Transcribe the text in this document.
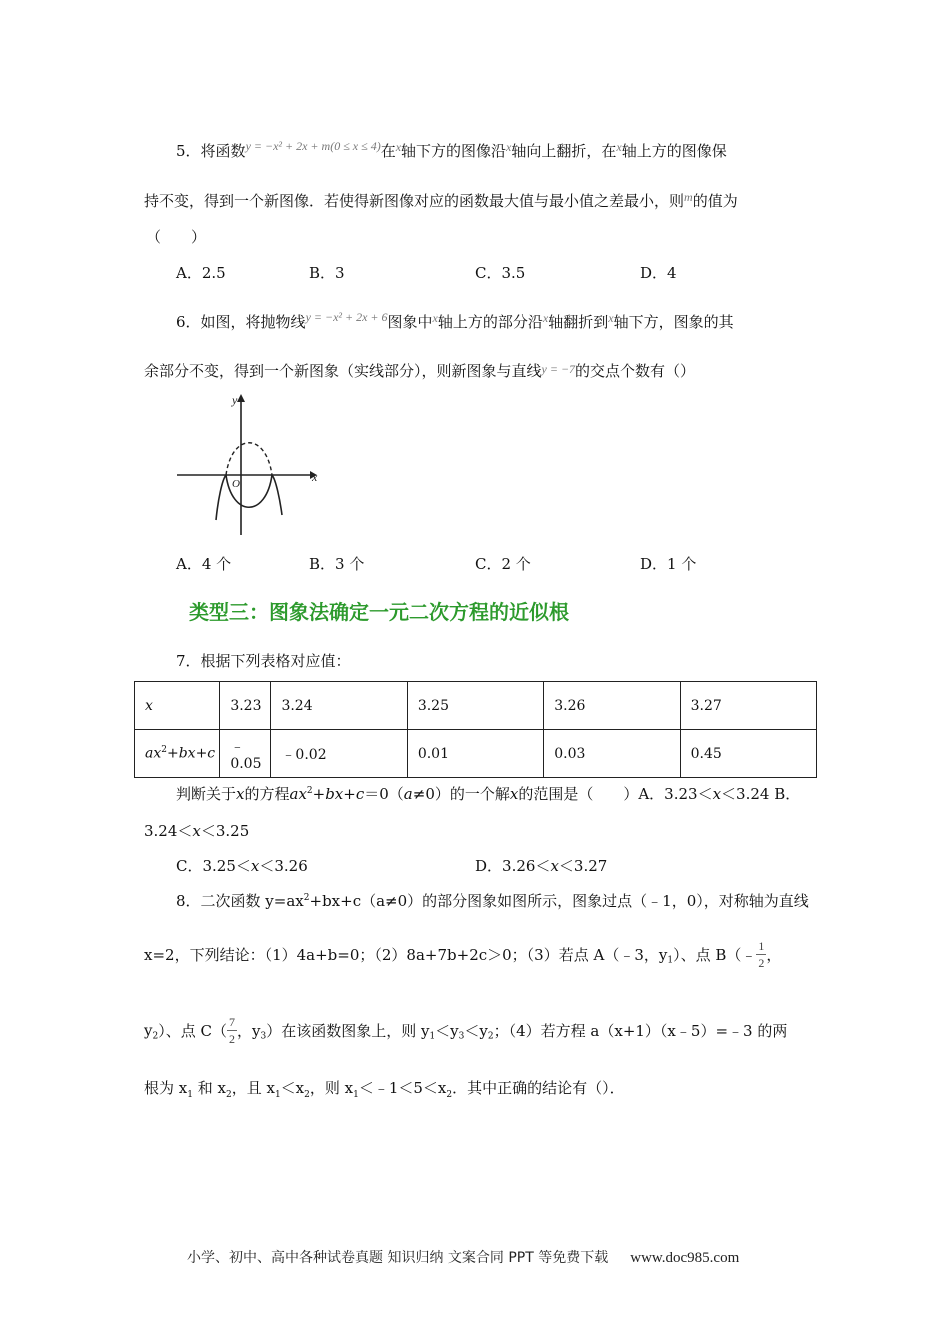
5．将函数$^{y = -x^2 + 2x + m(0 \le x \le 4)}$在$^x$轴下方的图像沿$^x$轴向上翻折，在$^x$轴上方的图像保
持不变，得到一个新图像．若使得新图像对应的函数最大值与最小值之差最小，则$^m$的值为
（　　）
A．2.5	B．3	C．3.5	D．4
6．如图，将抛物线$^{y = -x^2 + 2x + 6}$图象中$^x$轴上方的部分沿$^x$轴翻折到$^x$轴下方，图象的其
余部分不变，得到一个新图象（实线部分），则新图象与直线$^{y = -7}$的交点个数有（）
y
x
O
A．4 个	B．3 个	C．2 个	D．1 个
类型三：图象法确定一元二次方程的近似根
7．根据下列表格对应值：
x	3.23	3.24	3.25	3.26	3.27
$ax^2+bx+c$	﹣0.05	﹣0.02	0.01	0.03	0.45
判断关于x的方程$ax^2+bx+c=0(a\ne 0)$的一个解x的范围是（　　）A．3.23＜x＜3.24 B．
3.24＜x＜3.25
C．3.25＜x＜3.26	D．3.26＜x＜3.27
8．二次函数 $y=ax^2+bx+c(a\ne 0)$的部分图象如图所示，图象过点（﹣1，0），对称轴为直线
x=2，下列结论：（1）4a+b=0；（2）8a+7b+2c＞0；（3）若点 A（﹣3，$y_1$）、点 B（﹣ $\frac{1}{2}$ ，
$y_2$）、点 $C( \frac{7}{2}$ ，$y_3$）在该函数图象上，则 $y_1<y_3<y_2$；（4）若方程 a（x+1）（x﹣5）=﹣3 的两
根为 $x_1$ 和 $x_2$，且 $x_1<x_2$，则 $x_1<﹣1<5<x_2$．其中正确的结论有（）．
小学、初中、高中各种试卷真题 知识归纳 文案合同 PPT 等免费下载 www.doc985.com
